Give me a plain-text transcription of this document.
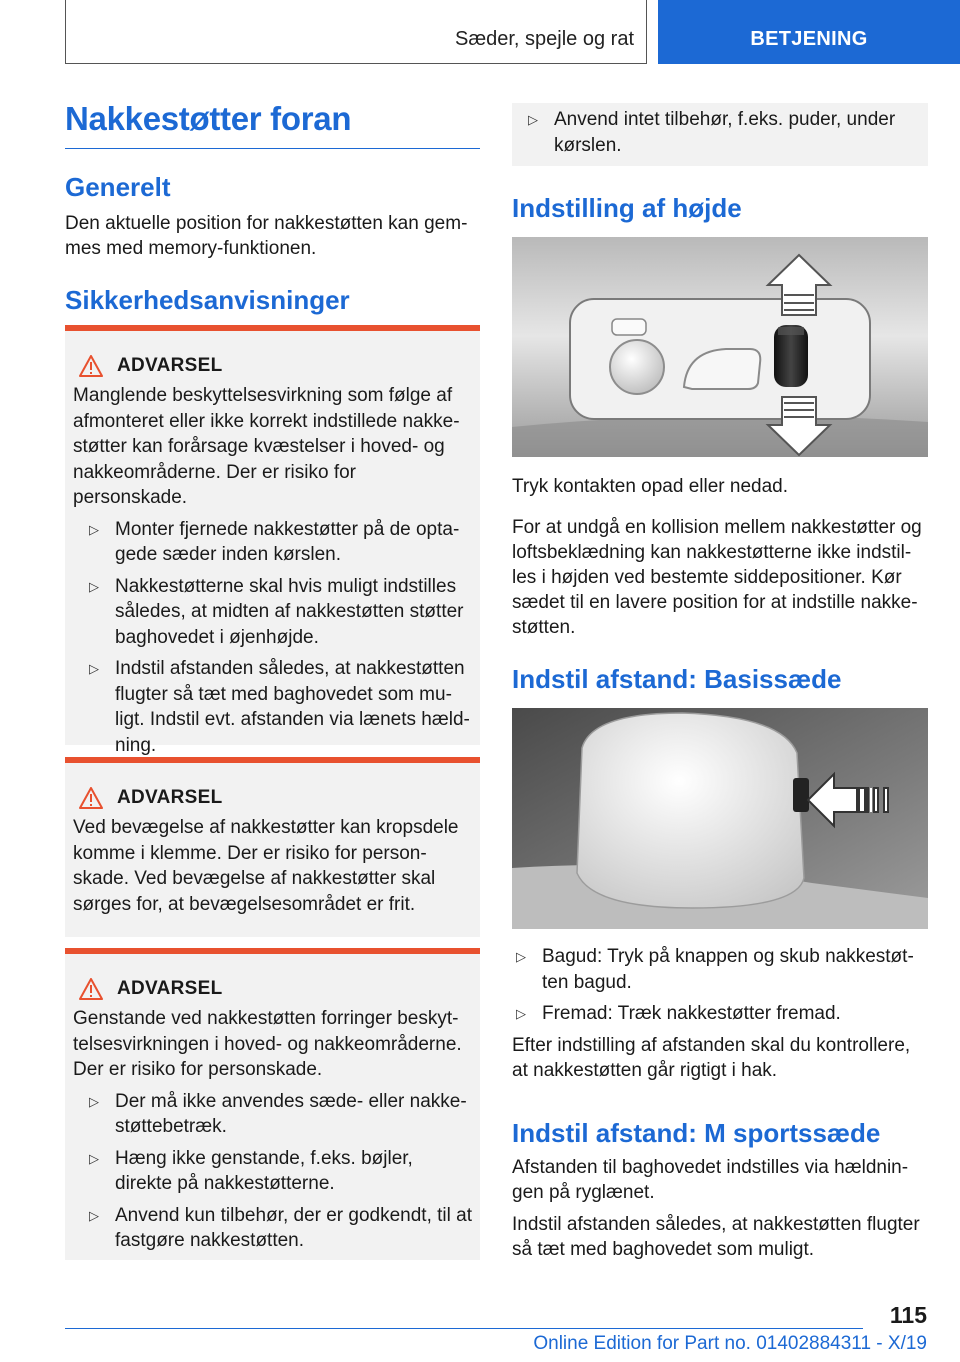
Sæder, spejle og rat	BETJENING
Nakkestøtter foran
Generelt

Den aktuelle position for nakkestøtten kan gemmes med memory-funktionen.

Sikkerhedsanvisninger
ADVARSEL

Manglende beskyttelsesvirkning som følge af afmonteret eller ikke korrekt indstillede nakkestøtter kan forårsage kvæstelser i hoved- og nakkeområderne. Der er risiko for personskade.

▷ Monter fjernede nakkestøtter på de optagede sæder inden kørslen.
▷ Nakkestøtterne skal hvis muligt indstilles således, at midten af nakkestøtten støtter baghovedet i øjenhøjde.
▷ Indstil afstanden således, at nakkestøtten flugter så tæt med baghovedet som muligt. Indstil evt. afstanden via lænets hældning.
ADVARSEL

Ved bevægelse af nakkestøtter kan kropsdele komme i klemme. Der er risiko for personskade. Ved bevægelse af nakkestøtter skal sørges for, at bevægelsesområdet er frit.

ADVARSEL

Genstande ved nakkestøtten forringer beskyttelsesvirkningen i hoved- og nakkeområderne. Der er risiko for personskade.

▷ Der må ikke anvendes sæde- eller nakkestøttebetræk.
▷ Hæng ikke genstande, f.eks. bøjler, direkte på nakkestøtterne.
▷ Anvend kun tilbehør, der er godkendt, til at fastgøre nakkestøtten.
▷ Anvend intet tilbehør, f.eks. puder, under kørslen.
Indstilling af højde

Tryk kontakten opad eller nedad.

For at undgå en kollision mellem nakkestøtter og loftsbeklædning kan nakkestøtterne ikke indstilles i højden ved bestemte siddepositioner. Kør sædet til en lavere position for at indstille nakkestøtten.

Indstil afstand: Basissæde
▷ Bagud: Tryk på knappen og skub nakkestøtten bagud.
▷ Fremad: Træk nakkestøtter fremad.

Efter indstilling af afstanden skal du kontrollere, at nakkestøtten går rigtigt i hak.

Indstil afstand: M sportssæde

Afstanden til baghovedet indstilles via hældningen på ryglænet.

Indstil afstanden således, at nakkestøtten flugter så tæt med baghovedet som muligt.

115
Online Edition for Part no. 01402884311 - X/19
